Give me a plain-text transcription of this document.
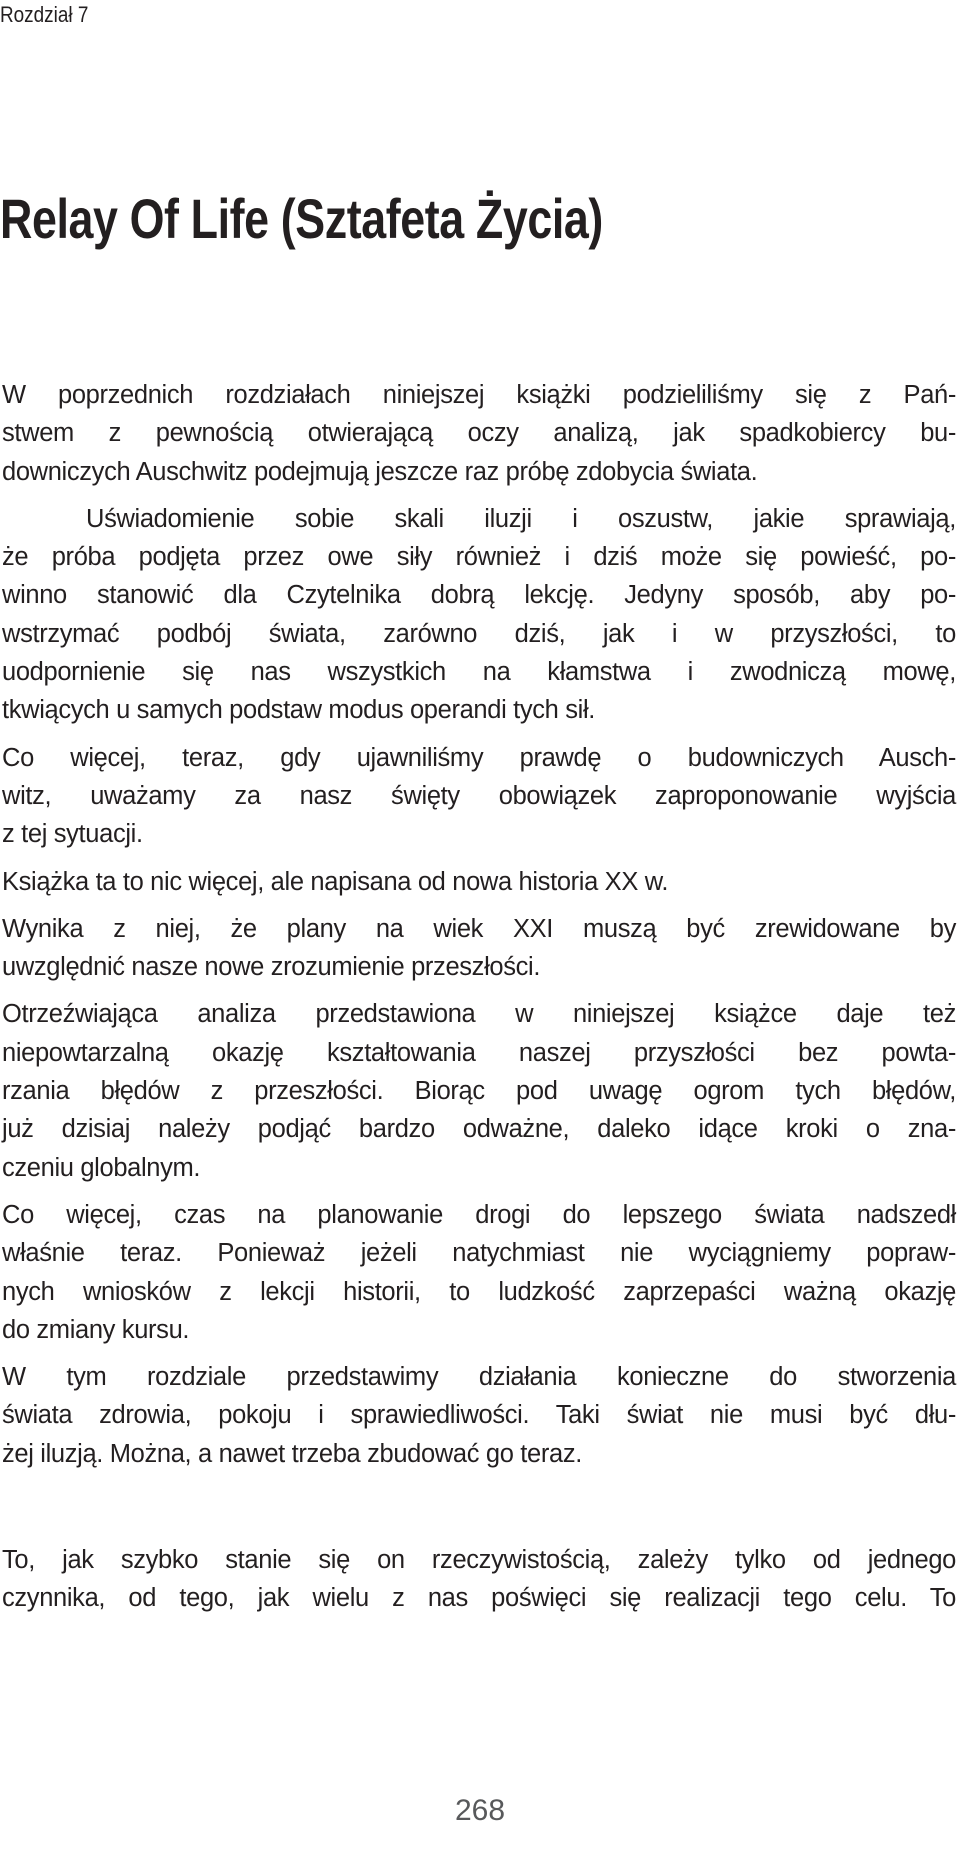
Rozdział 7
Relay Of Life (Sztafeta Życia)
W poprzednich rozdziałach niniejszej książki podzieliliśmy się z Pań-
stwem z pewnością otwierającą oczy analizą, jak spadkobiercy bu-
downiczych Auschwitz podejmują jeszcze raz próbę zdobycia świata.
Uświadomienie sobie skali iluzji i oszustw, jakie sprawiają,
że próba podjęta przez owe siły również i dziś może się powieść, po-
winno stanowić dla Czytelnika dobrą lekcję. Jedyny sposób, aby po-
wstrzymać podbój świata, zarówno dziś, jak i w przyszłości, to
uodpornienie się nas wszystkich na kłamstwa i zwodniczą mowę,
tkwiących u samych podstaw modus operandi tych sił.
Co więcej, teraz, gdy ujawniliśmy prawdę o budowniczych Ausch-
witz, uważamy za nasz święty obowiązek zaproponowanie wyjścia
z tej sytuacji.
Książka ta to nic więcej, ale napisana od nowa historia XX w.
Wynika z niej, że plany na wiek XXI muszą być zrewidowane by
uwzględnić nasze nowe zrozumienie przeszłości.
Otrzeźwiająca analiza przedstawiona w niniejszej książce daje też
niepowtarzalną okazję kształtowania naszej przyszłości bez powta-
rzania błędów z przeszłości. Biorąc pod uwagę ogrom tych błędów,
już dzisiaj należy podjąć bardzo odważne, daleko idące kroki o zna-
czeniu globalnym.
Co więcej, czas na planowanie drogi do lepszego świata nadszedł
właśnie teraz. Ponieważ jeżeli natychmiast nie wyciągniemy popraw-
nych wniosków z lekcji historii, to ludzkość zaprzepaści ważną okazję
do zmiany kursu.
W tym rozdziale przedstawimy działania konieczne do stworzenia
świata zdrowia, pokoju i sprawiedliwości. Taki świat nie musi być dłu-
żej iluzją. Można, a nawet trzeba zbudować go teraz.
To, jak szybko stanie się on rzeczywistością, zależy tylko od jednego
czynnika, od tego, jak wielu z nas poświęci się realizacji tego celu. To
268
